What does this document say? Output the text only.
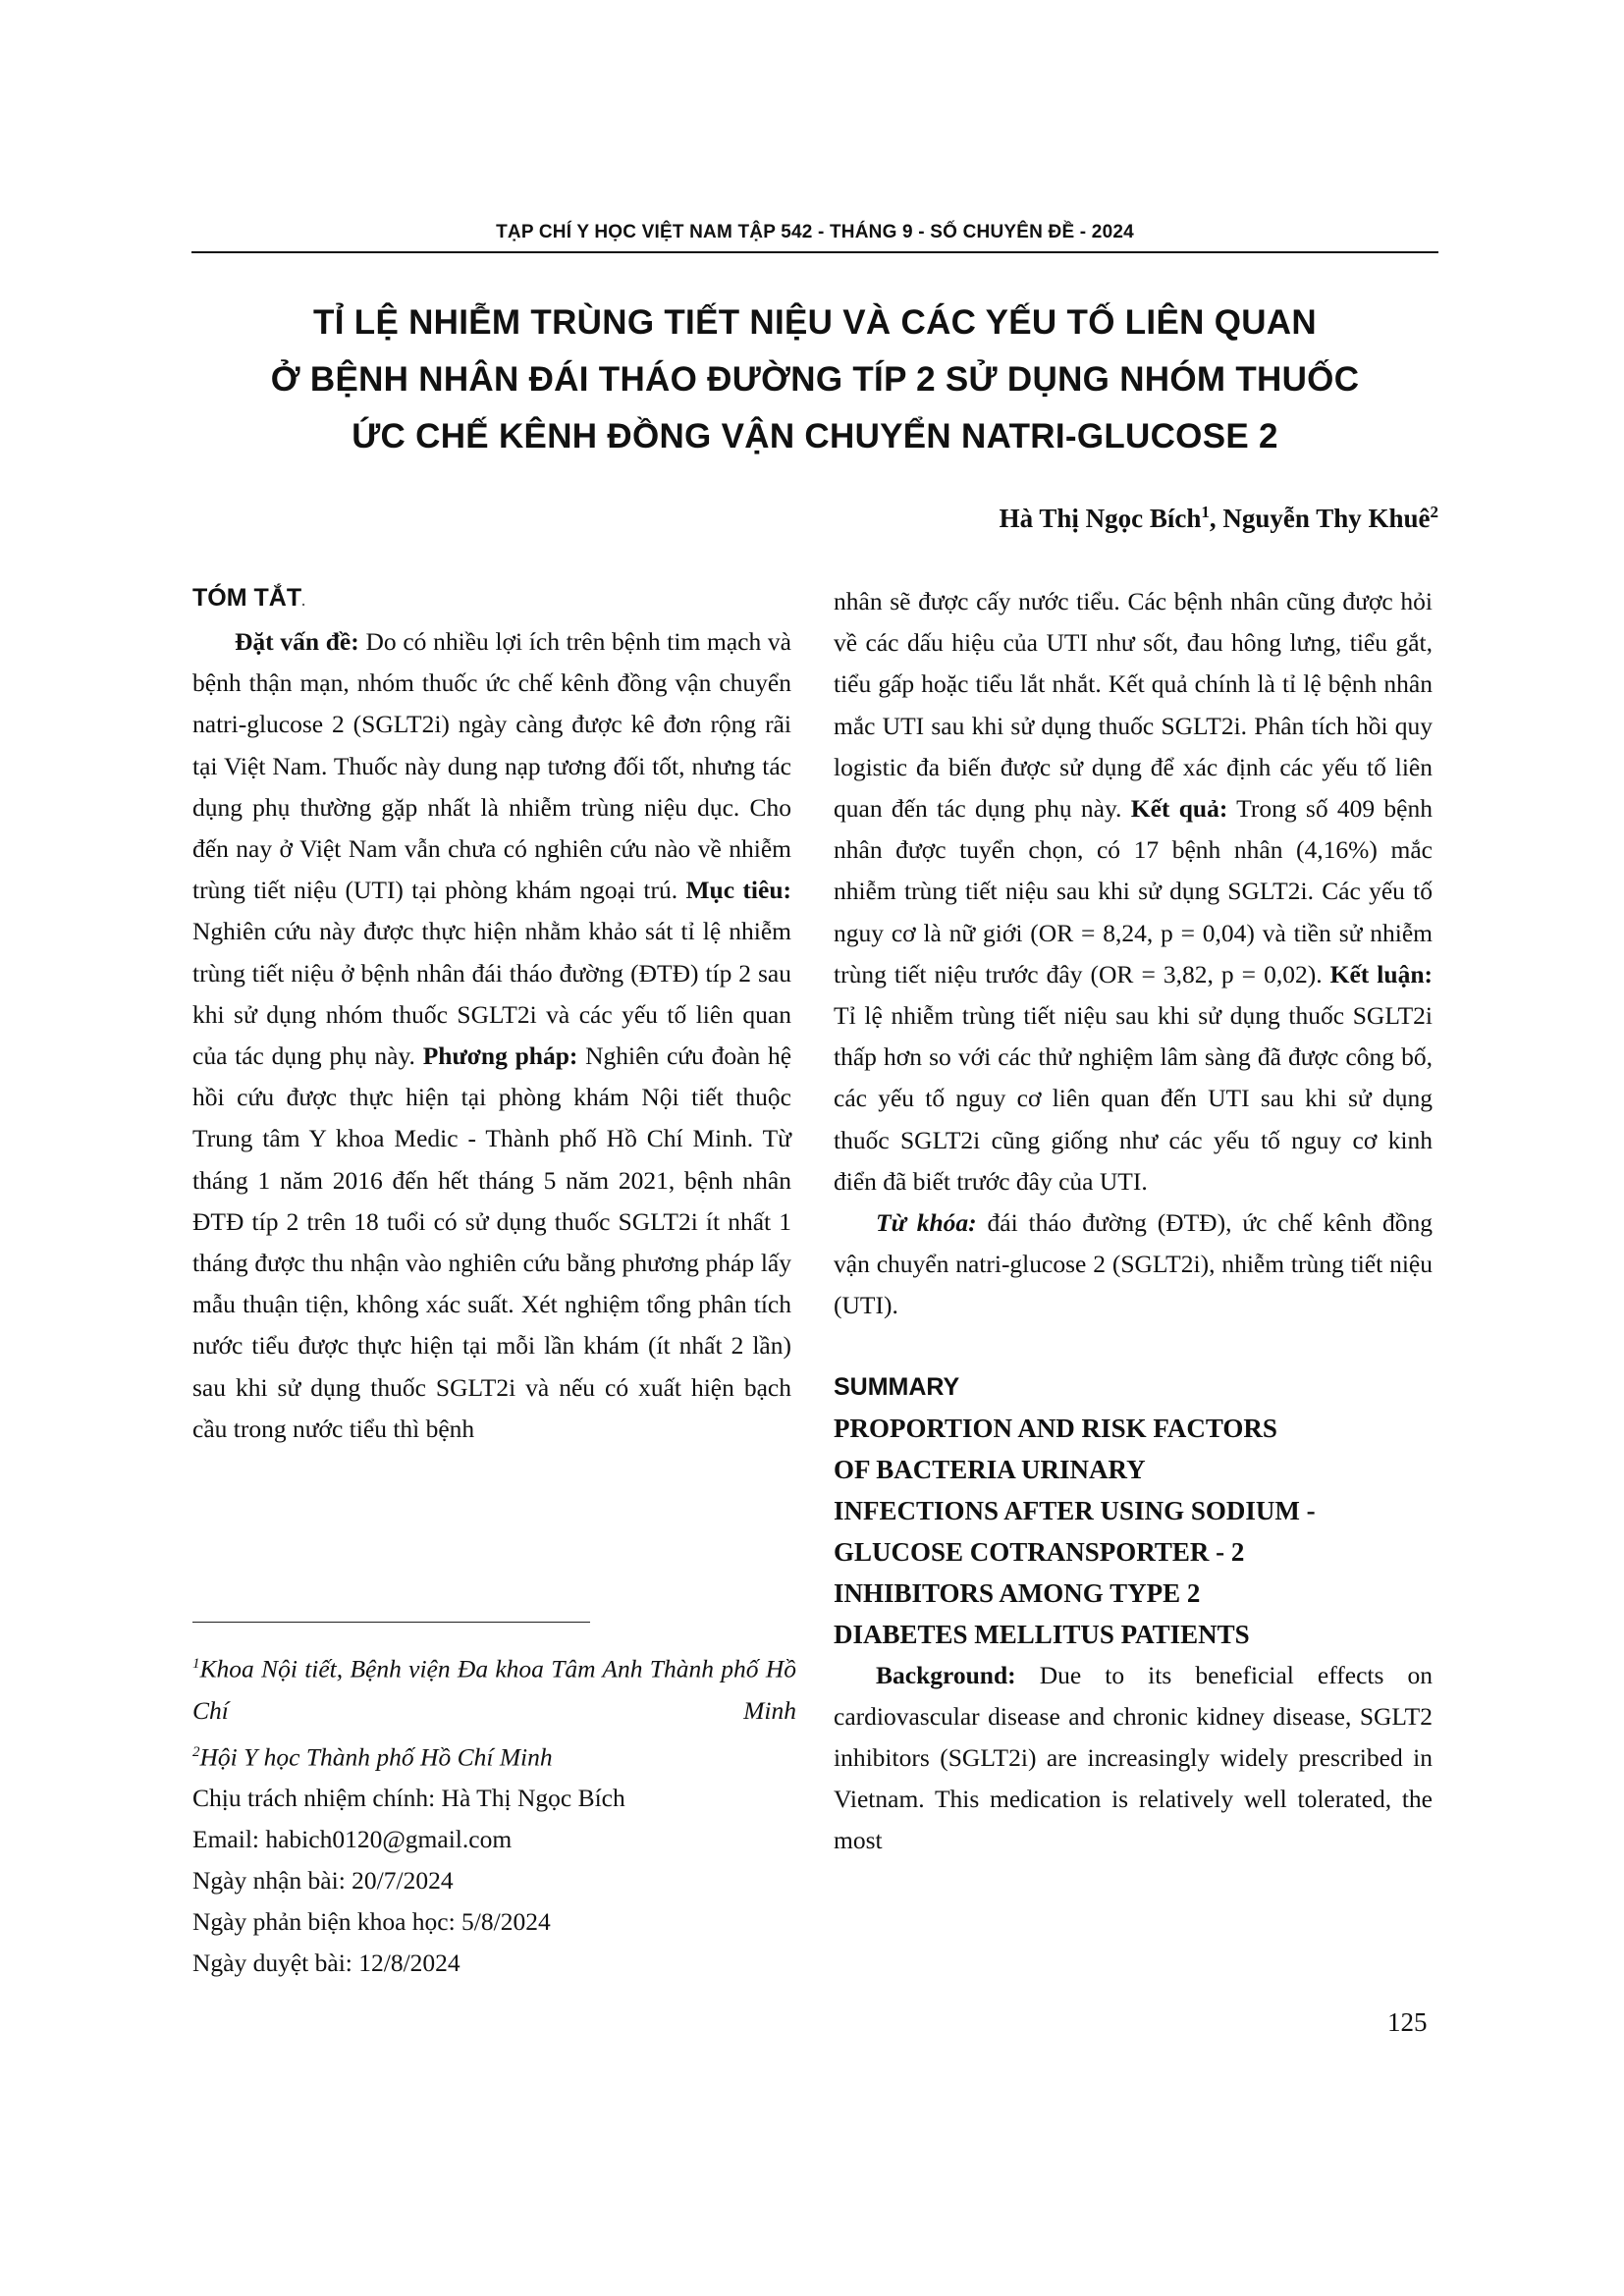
TẠP CHÍ Y HỌC VIỆT NAM TẬP 542 - THÁNG 9 - SỐ CHUYÊN ĐỀ - 2024
TỈ LỆ NHIỄM TRÙNG TIẾT NIỆU VÀ CÁC YẾU TỐ LIÊN QUAN
Ở BỆNH NHÂN ĐÁI THÁO ĐƯỜNG TÍP 2 SỬ DỤNG NHÓM THUỐC
ỨC CHẾ KÊNH ĐỒNG VẬN CHUYỂN NATRI-GLUCOSE 2
Hà Thị Ngọc Bích$^1$, Nguyễn Thy Khuê$^2$

TÓM TẮT.

Đặt vấn đề: Do có nhiều lợi ích trên bệnh tim mạch và bệnh thận mạn, nhóm thuốc ức chế kênh đồng vận chuyển natri-glucose 2 (SGLT2i) ngày càng được kê đơn rộng rãi tại Việt Nam. Thuốc này dung nạp tương đối tốt, nhưng tác dụng phụ thường gặp nhất là nhiễm trùng niệu dục. Cho đến nay ở Việt Nam vẫn chưa có nghiên cứu nào về nhiễm trùng tiết niệu (UTI) tại phòng khám ngoại trú. Mục tiêu: Nghiên cứu này được thực hiện nhằm khảo sát tỉ lệ nhiễm trùng tiết niệu ở bệnh nhân đái tháo đường (ĐTĐ) típ 2 sau khi sử dụng nhóm thuốc SGLT2i và các yếu tố liên quan của tác dụng phụ này. Phương pháp: Nghiên cứu đoàn hệ hồi cứu được thực hiện tại phòng khám Nội tiết thuộc Trung tâm Y khoa Medic - Thành phố Hồ Chí Minh. Từ tháng 1 năm 2016 đến hết tháng 5 năm 2021, bệnh nhân ĐTĐ típ 2 trên 18 tuổi có sử dụng thuốc SGLT2i ít nhất 1 tháng được thu nhận vào nghiên cứu bằng phương pháp lấy mẫu thuận tiện, không xác suất. Xét nghiệm tổng phân tích nước tiểu được thực hiện tại mỗi lần khám (ít nhất 2 lần) sau khi sử dụng thuốc SGLT2i và nếu có xuất hiện bạch cầu trong nước tiểu thì bệnh

$^1$Khoa Nội tiết, Bệnh viện Đa khoa Tâm Anh Thành phố Hồ Chí Minh
$^2$Hội Y học Thành phố Hồ Chí Minh
Chịu trách nhiệm chính: Hà Thị Ngọc Bích
Email: habich0120@gmail.com
Ngày nhận bài: 20/7/2024
Ngày phản biện khoa học: 5/8/2024
Ngày duyệt bài: 12/8/2024

nhân sẽ được cấy nước tiểu. Các bệnh nhân cũng được hỏi về các dấu hiệu của UTI như sốt, đau hông lưng, tiểu gắt, tiểu gấp hoặc tiểu lắt nhắt. Kết quả chính là tỉ lệ bệnh nhân mắc UTI sau khi sử dụng thuốc SGLT2i. Phân tích hồi quy logistic đa biến được sử dụng để xác định các yếu tố liên quan đến tác dụng phụ này. Kết quả: Trong số 409 bệnh nhân được tuyển chọn, có 17 bệnh nhân (4,16%) mắc nhiễm trùng tiết niệu sau khi sử dụng SGLT2i. Các yếu tố nguy cơ là nữ giới (OR = 8,24, p = 0,04) và tiền sử nhiễm trùng tiết niệu trước đây (OR = 3,82, p = 0,02). Kết luận: Tỉ lệ nhiễm trùng tiết niệu sau khi sử dụng thuốc SGLT2i thấp hơn so với các thử nghiệm lâm sàng đã được công bố, các yếu tố nguy cơ liên quan đến UTI sau khi sử dụng thuốc SGLT2i cũng giống như các yếu tố nguy cơ kinh điển đã biết trước đây của UTI.

Từ khóa: đái tháo đường (ĐTĐ), ức chế kênh đồng vận chuyển natri-glucose 2 (SGLT2i), nhiễm trùng tiết niệu (UTI).

SUMMARY

PROPORTION AND RISK FACTORS

OF BACTERIA URINARY

INFECTIONS AFTER USING SODIUM -

GLUCOSE COTRANSPORTER - 2

INHIBITORS AMONG TYPE 2

DIABETES MELLITUS PATIENTS

Background: Due to its beneficial effects on cardiovascular disease and chronic kidney disease, SGLT2 inhibitors (SGLT2i) are increasingly widely prescribed in Vietnam. This medication is relatively well tolerated, the most

125
